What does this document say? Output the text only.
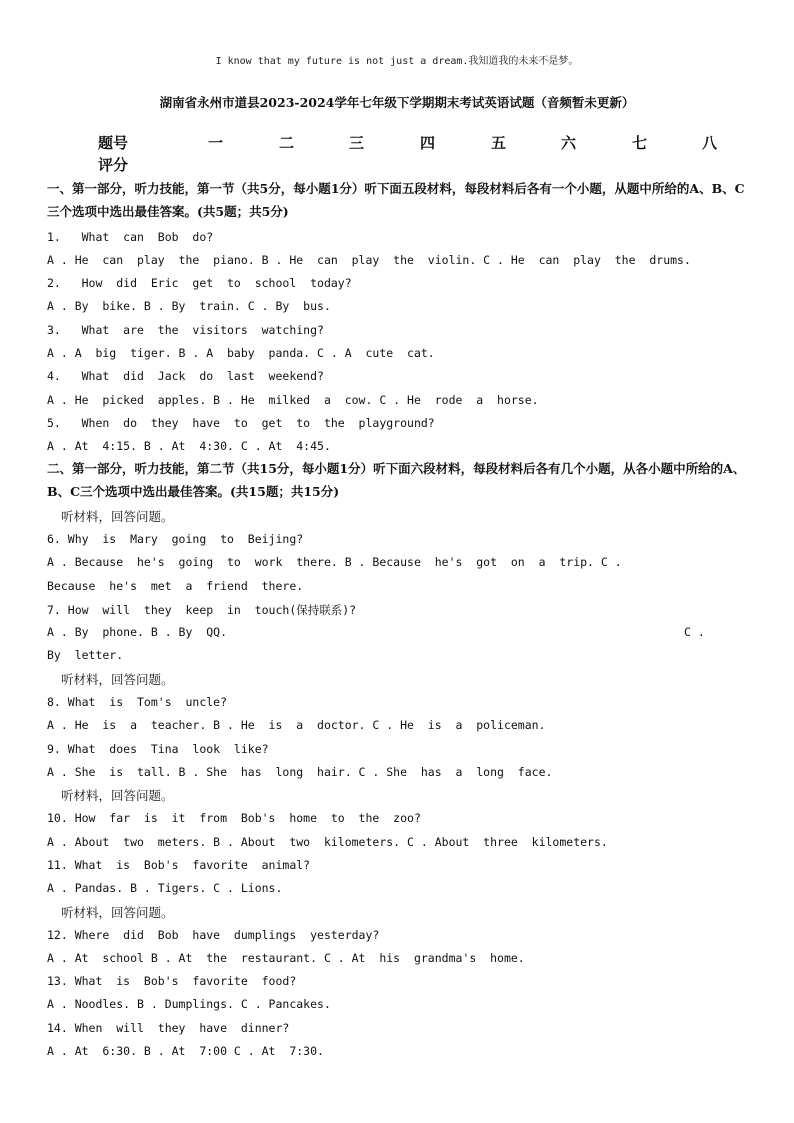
I know that my future is not just a dream.我知道我的未来不是梦。
湖南省永州市道县2023-2024学年七年级下学期期末考试英语试题（音频暂未更新）
题号	一	二	三	四	五	六	七	八
评分
一、第一部分，听力技能，第一节（共5分，每小题1分）听下面五段材料，每段材料后各有一个小题，从题中所给的A、B、C三个选项中选出最佳答案。(共5题；共5分)
1.   What  can  Bob  do?
A . He  can  play  the  piano. B . He  can  play  the  violin. C . He  can  play  the  drums.
2.   How  did  Eric  get  to  school  today?
A . By  bike. B . By  train. C . By  bus.
3.   What  are  the  visitors  watching?
A . A  big  tiger. B . A  baby  panda. C . A  cute  cat.
4.   What  did  Jack  do  last  weekend?
A . He  picked  apples. B . He  milked  a  cow. C . He  rode  a  horse.
5.   When  do  they  have  to  get  to  the  playground?
A . At  4:15. B . At  4:30. C . At  4:45.
二、第一部分，听力技能，第二节（共15分，每小题1分）听下面六段材料，每段材料后各有几个小题，从各小题中所给的A、B、C三个选项中选出最佳答案。(共15题；共15分)
听材料，回答问题。
6. Why  is  Mary  going  to  Beijing?
A . Because  he's  going  to  work  there. B . Because  he's  got  on  a  trip. C .
Because  he's  met  a  friend  there.
7. How  will  they  keep  in  touch(保持联系)?
A . By  phone. B . By  QQ.	C .
By  letter.
听材料，回答问题。
8. What  is  Tom's  uncle?
A . He  is  a  teacher. B . He  is  a  doctor. C . He  is  a  policeman.
9. What  does  Tina  look  like?
A . She  is  tall. B . She  has  long  hair. C . She  has  a  long  face.
听材料，回答问题。
10. How  far  is  it  from  Bob's  home  to  the  zoo?
A . About  two  meters. B . About  two  kilometers. C . About  three  kilometers.
11. What  is  Bob's  favorite  animal?
A . Pandas. B . Tigers. C . Lions.
听材料，回答问题。
12. Where  did  Bob  have  dumplings  yesterday?
A . At  school B . At  the  restaurant. C . At  his  grandma's  home.
13. What  is  Bob's  favorite  food?
A . Noodles. B . Dumplings. C . Pancakes.
14. When  will  they  have  dinner?
A . At  6:30. B . At  7:00 C . At  7:30.
